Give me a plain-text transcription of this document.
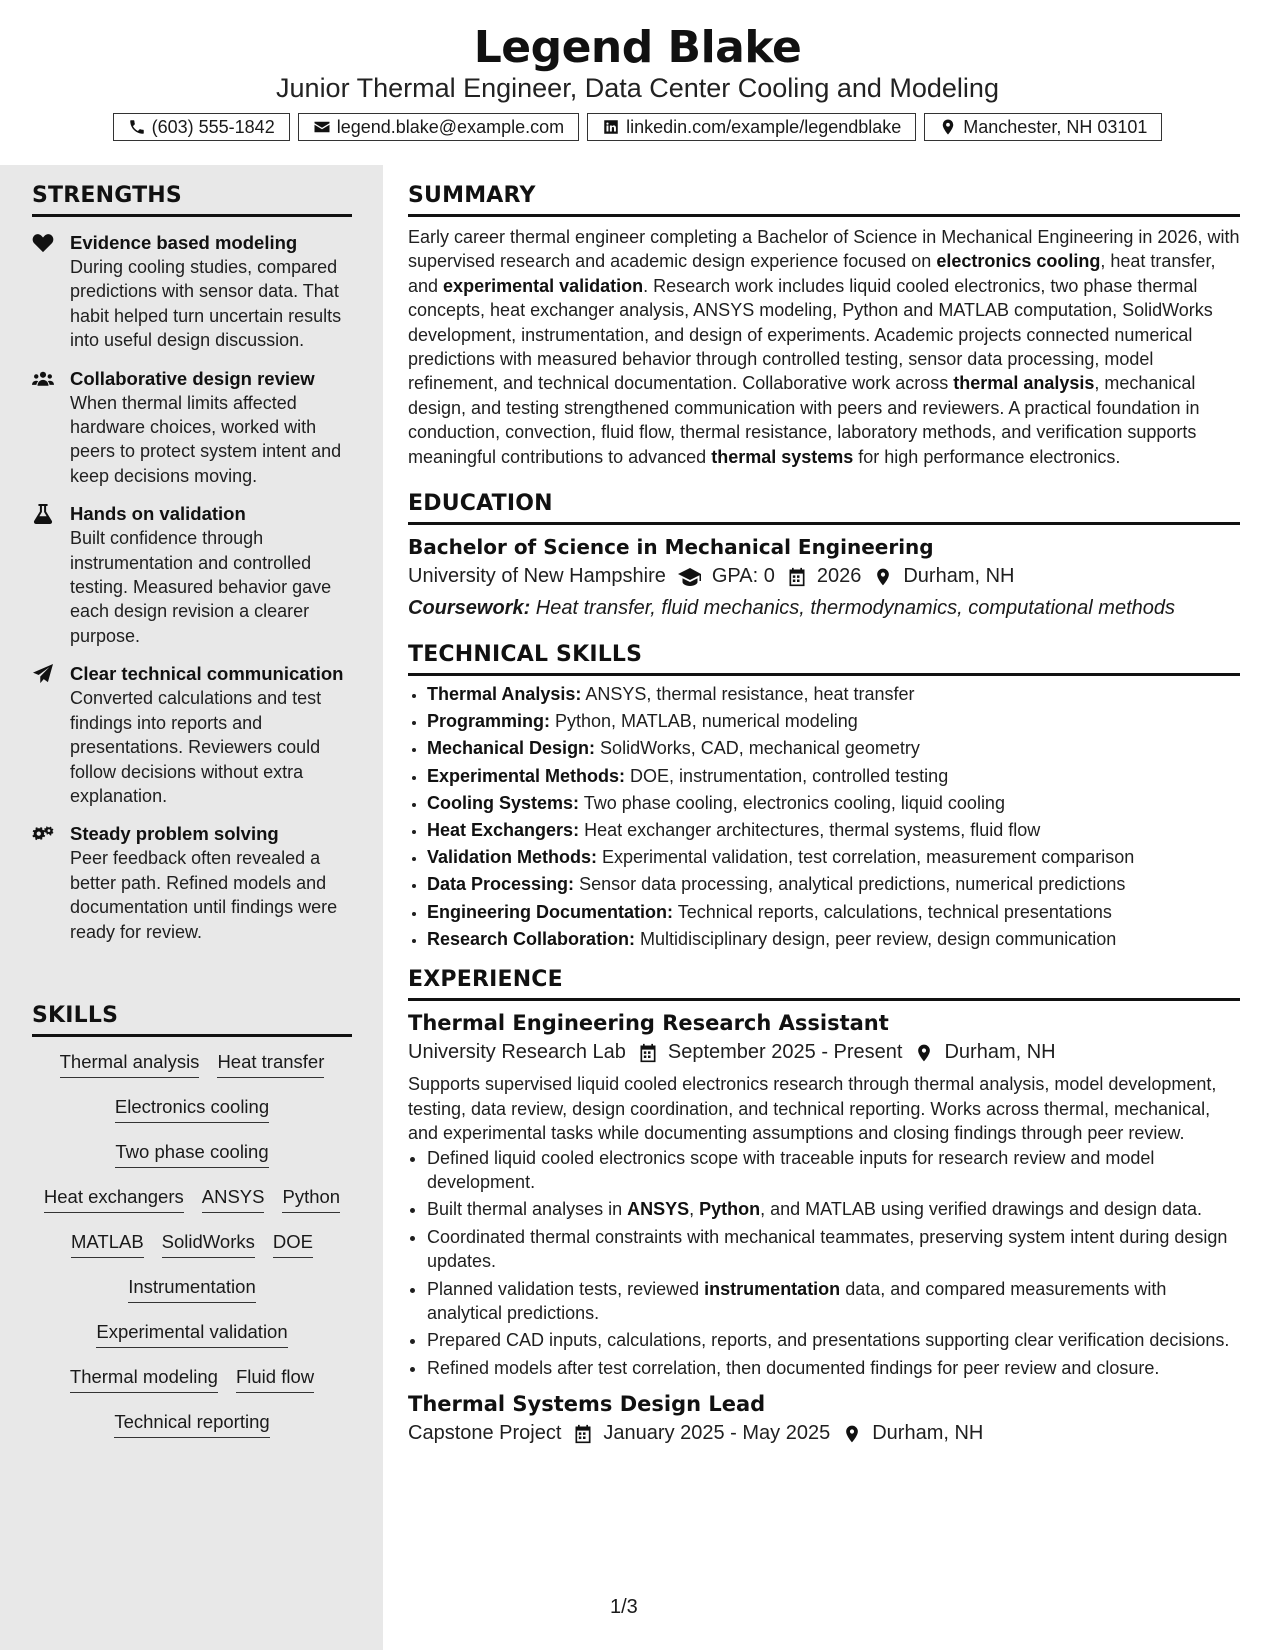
Legend Blake
Junior Thermal Engineer, Data Center Cooling and Modeling
(603) 555-1842	legend.blake@example.com	linkedin.com/example/legendblake	Manchester, NH 03101
STRENGTHS
Evidence based modeling
During cooling studies, compared predictions with sensor data. That habit helped turn uncertain results into useful design discussion.
Collaborative design review
When thermal limits affected hardware choices, worked with peers to protect system intent and keep decisions moving.
Hands on validation
Built confidence through instrumentation and controlled testing. Measured behavior gave each design revision a clearer purpose.
Clear technical communication
Converted calculations and test findings into reports and presentations. Reviewers could follow decisions without extra explanation.
Steady problem solving
Peer feedback often revealed a better path. Refined models and documentation until findings were ready for review.
SKILLS
Thermal analysis Heat transfer
Electronics cooling
Two phase cooling
Heat exchangers ANSYS Python
MATLAB SolidWorks DOE
Instrumentation
Experimental validation
Thermal modeling Fluid flow
Technical reporting
SUMMARY
Early career thermal engineer completing a Bachelor of Science in Mechanical Engineering in 2026, with supervised research and academic design experience focused on electronics cooling, heat transfer, and experimental validation. Research work includes liquid cooled electronics, two phase thermal concepts, heat exchanger analysis, ANSYS modeling, Python and MATLAB computation, SolidWorks development, instrumentation, and design of experiments. Academic projects connected numerical predictions with measured behavior through controlled testing, sensor data processing, model refinement, and technical documentation. Collaborative work across thermal analysis, mechanical design, and testing strengthened communication with peers and reviewers. A practical foundation in conduction, convection, fluid flow, thermal resistance, laboratory methods, and verification supports meaningful contributions to advanced thermal systems for high performance electronics.
EDUCATION
Bachelor of Science in Mechanical Engineering
University of New Hampshire GPA: 0 2026 Durham, NH
Coursework: Heat transfer, fluid mechanics, thermodynamics, computational methods
TECHNICAL SKILLS
• Thermal Analysis: ANSYS, thermal resistance, heat transfer
• Programming: Python, MATLAB, numerical modeling
• Mechanical Design: SolidWorks, CAD, mechanical geometry
• Experimental Methods: DOE, instrumentation, controlled testing
• Cooling Systems: Two phase cooling, electronics cooling, liquid cooling
• Heat Exchangers: Heat exchanger architectures, thermal systems, fluid flow
• Validation Methods: Experimental validation, test correlation, measurement comparison
• Data Processing: Sensor data processing, analytical predictions, numerical predictions
• Engineering Documentation: Technical reports, calculations, technical presentations
• Research Collaboration: Multidisciplinary design, peer review, design communication
EXPERIENCE
Thermal Engineering Research Assistant
University Research Lab September 2025 - Present Durham, NH
Supports supervised liquid cooled electronics research through thermal analysis, model development, testing, data review, design coordination, and technical reporting. Works across thermal, mechanical, and experimental tasks while documenting assumptions and closing findings through peer review.
• Defined liquid cooled electronics scope with traceable inputs for research review and model development.
• Built thermal analyses in ANSYS, Python, and MATLAB using verified drawings and design data.
• Coordinated thermal constraints with mechanical teammates, preserving system intent during design updates.
• Planned validation tests, reviewed instrumentation data, and compared measurements with analytical predictions.
• Prepared CAD inputs, calculations, reports, and presentations supporting clear verification decisions.
• Refined models after test correlation, then documented findings for peer review and closure.
Thermal Systems Design Lead
Capstone Project January 2025 - May 2025 Durham, NH
1/3
